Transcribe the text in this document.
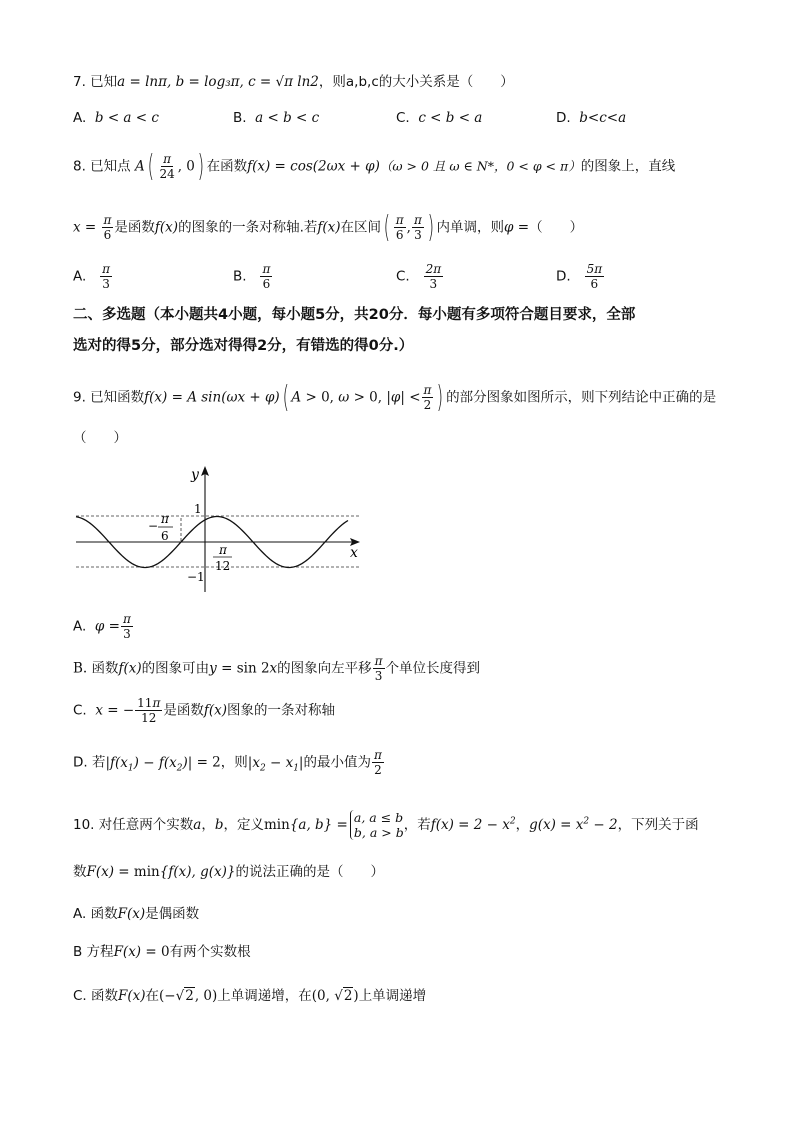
7. 已知a = lnπ, b = log₃π, c = √π ln2，则a,b,c的大小关系是（　　）
A. b < a < c	B. a < b < c	C. c < b < a	D. b<c<a
8. 已知点 $A( \frac{\pi}{24}$ , 0) 在函数f(x) = cos(2ωx + φ)（ω > 0 且 ω ∈ N*，0 < φ < π）的图象上，直线
$x = \frac{\pi}{6}$ 是函数f(x)的图象的一条对称轴.若f(x)在区间( $\frac{\pi}{6}$ , $\frac{\pi}{3}$ ) 内单调，则φ =（　　）
A. $\frac{\pi}{3}$	B. $\frac{\pi}{6}$	C. $\frac{2\pi}{3}$	D. $\frac{5\pi}{6}$
二、多选题（本小题共4小题，每小题5分，共20分．每小题有多项符合题目要求，全部
选对的得5分，部分选对得得2分，有错选的得0分.）
9. 已知函数f(x) = A sin(ωx + φ)( A > 0, ω > 0, $|\varphi| < \frac{\pi}{2}$ ) 的部分图象如图所示，则下列结论中正确的是
（　　）
y
x
1
−1
− π
6
π
12
A. $\varphi = \frac{\pi}{3}$
B. 函数f(x)的图象可由y = sin 2x的图象向左平移 $\frac{\pi}{3}$ 个单位长度得到
C. x = − $\frac{11\pi}{12}$ 是函数f(x)图象的一条对称轴
D. 若$|f(x_1) - f(x_2)| = 2$，则$|x_2 - x_1|$的最小值为 $\frac{\pi}{2}$
10. 对任意两个实数a，b，定义min{a, b} = a, a ≤ b
b, a > b ，若$f(x) = 2 - x^2$，$g(x) = x^2 - 2$，下列关于函
数F(x) = min{f(x), g(x)}的说法正确的是（　　）
A. 函数F(x)是偶函数
B 方程F(x) = 0有两个实数根
C. 函数F(x)在(−√2, 0)上单调递增，在(0, √2)上单调递增
